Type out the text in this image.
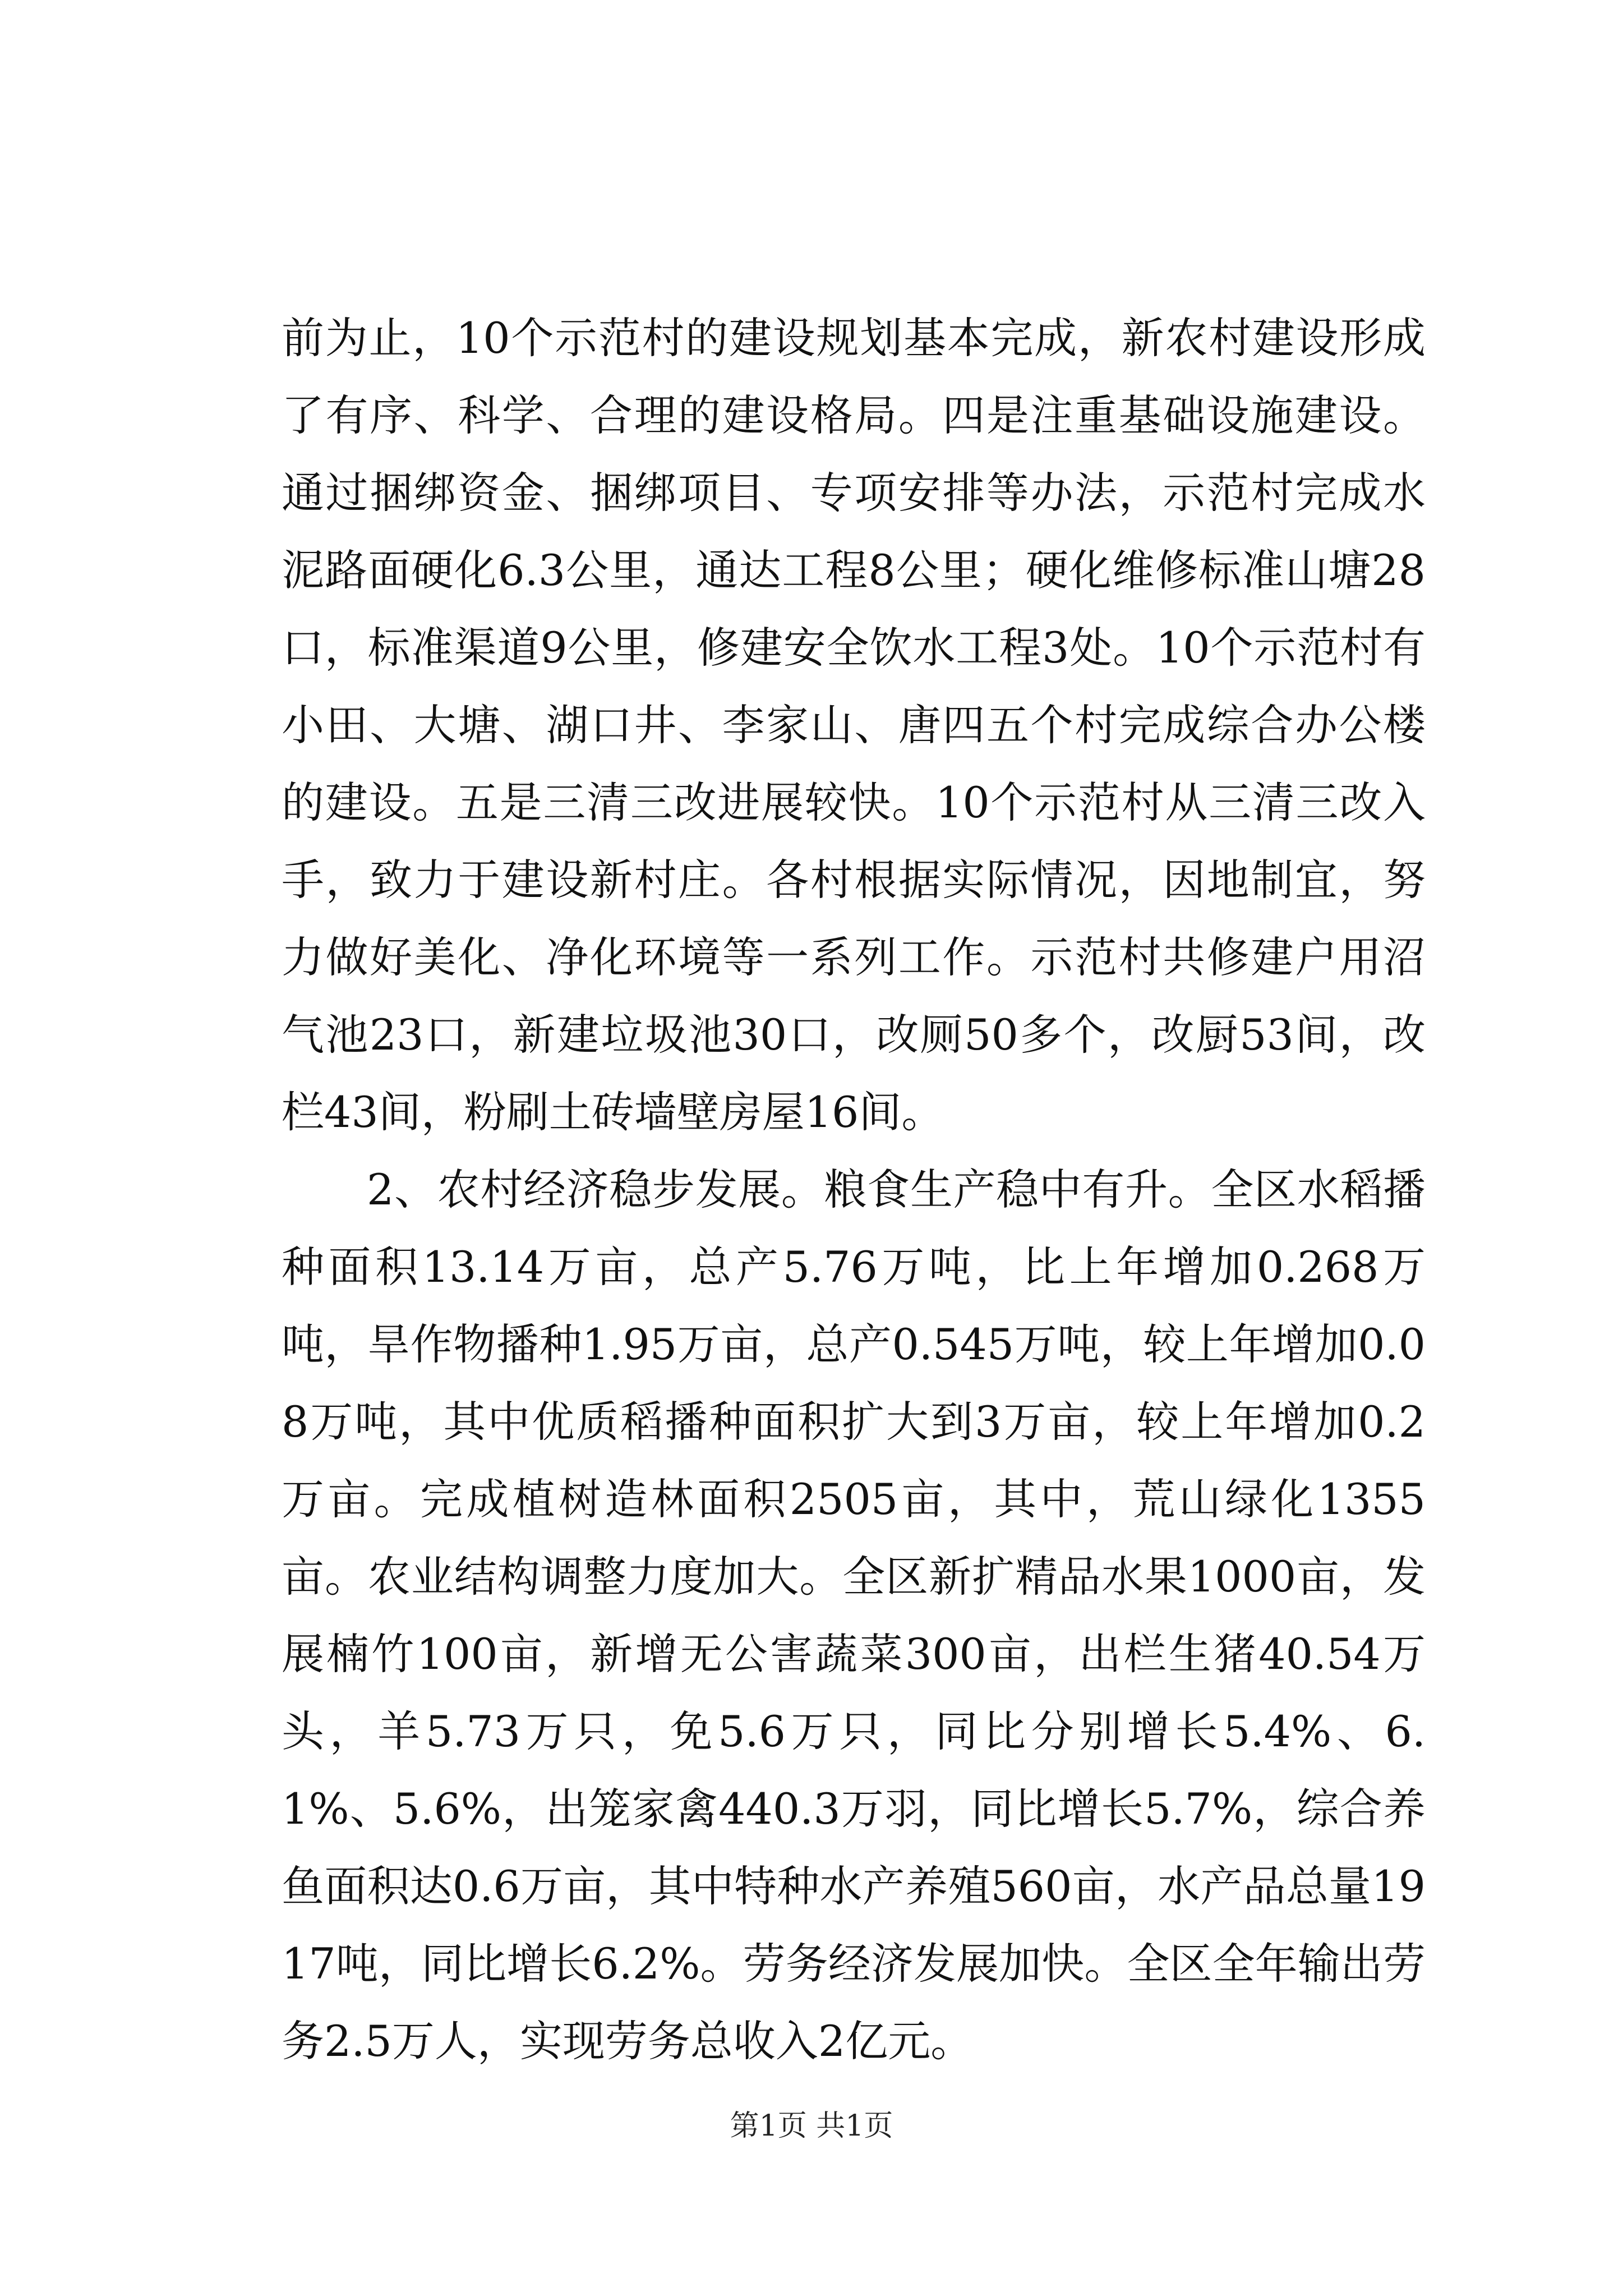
前为止，10个示范村的建设规划基本完成，新农村建设形成了有序、科学、合理的建设格局。四是注重基础设施建设。通过捆绑资金、捆绑项目、专项安排等办法，示范村完成水泥路面硬化6.3公里，通达工程8公里；硬化维修标准山塘28口，标准渠道9公里，修建安全饮水工程3处。10个示范村有小田、大塘、湖口井、李家山、唐四五个村完成综合办公楼的建设。五是三清三改进展较快。10个示范村从三清三改入手，致力于建设新村庄。各村根据实际情况，因地制宜，努力做好美化、净化环境等一系列工作。示范村共修建户用沼气池23口，新建垃圾池30口，改厕50多个，改厨53间，改栏43间，粉刷土砖墙壁房屋16间。

2、农村经济稳步发展。粮食生产稳中有升。全区水稻播种面积13.14万亩，总产5.76万吨，比上年增加0.268万吨，旱作物播种1.95万亩，总产0.545万吨，较上年增加0.08万吨，其中优质稻播种面积扩大到3万亩，较上年增加0.2万亩。完成植树造林面积2505亩，其中，荒山绿化1355亩。农业结构调整力度加大。全区新扩精品水果1000亩，发展楠竹100亩，新增无公害蔬菜300亩，出栏生猪40.54万头，羊5.73万只，免5.6万只，同比分别增长5.4%、6.1%、5.6%，出笼家禽440.3万羽，同比增长5.7%，综合养鱼面积达0.6万亩，其中特种水产养殖560亩，水产品总量1917吨，同比增长6.2%。劳务经济发展加快。全区全年输出劳务2.5万人，实现劳务总收入2亿元。

第1页 共1页
